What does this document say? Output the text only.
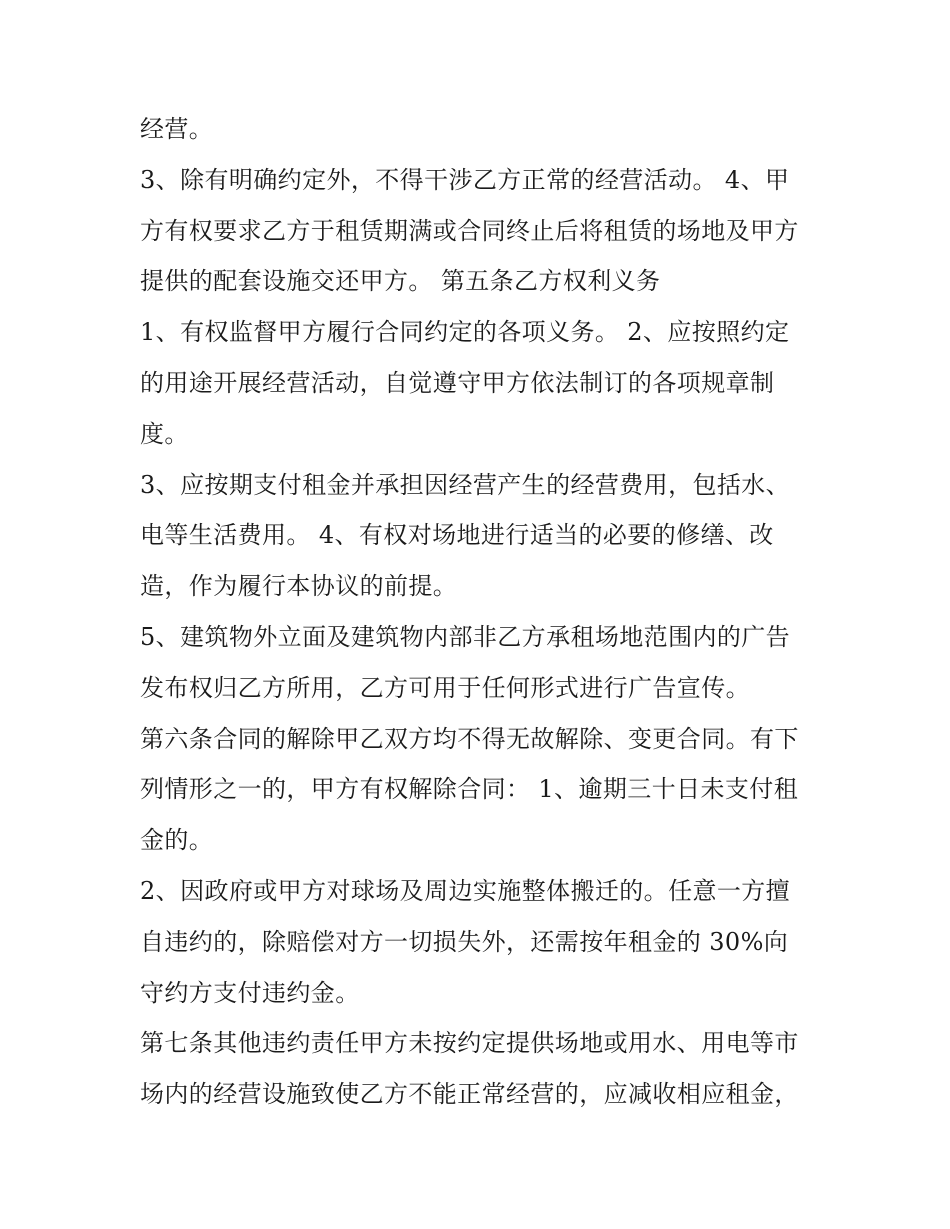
经营。
3、除有明确约定外，不得干涉乙方正常的经营活动。 4、甲
方有权要求乙方于租赁期满或合同终止后将租赁的场地及甲方
提供的配套设施交还甲方。 第五条乙方权利义务
1、有权监督甲方履行合同约定的各项义务。 2、应按照约定
的用途开展经营活动，自觉遵守甲方依法制订的各项规章制
度。
3、应按期支付租金并承担因经营产生的经营费用，包括水、
电等生活费用。 4、有权对场地进行适当的必要的修缮、改
造，作为履行本协议的前提。
5、建筑物外立面及建筑物内部非乙方承租场地范围内的广告
发布权归乙方所用，乙方可用于任何形式进行广告宣传。
第六条合同的解除甲乙双方均不得无故解除、变更合同。有下
列情形之一的，甲方有权解除合同： 1、逾期三十日未支付租
金的。
2、因政府或甲方对球场及周边实施整体搬迁的。任意一方擅
自违约的，除赔偿对方一切损失外，还需按年租金的 30%向
守约方支付违约金。
第七条其他违约责任甲方未按约定提供场地或用水、用电等市
场内的经营设施致使乙方不能正常经营的，应减收相应租金，
